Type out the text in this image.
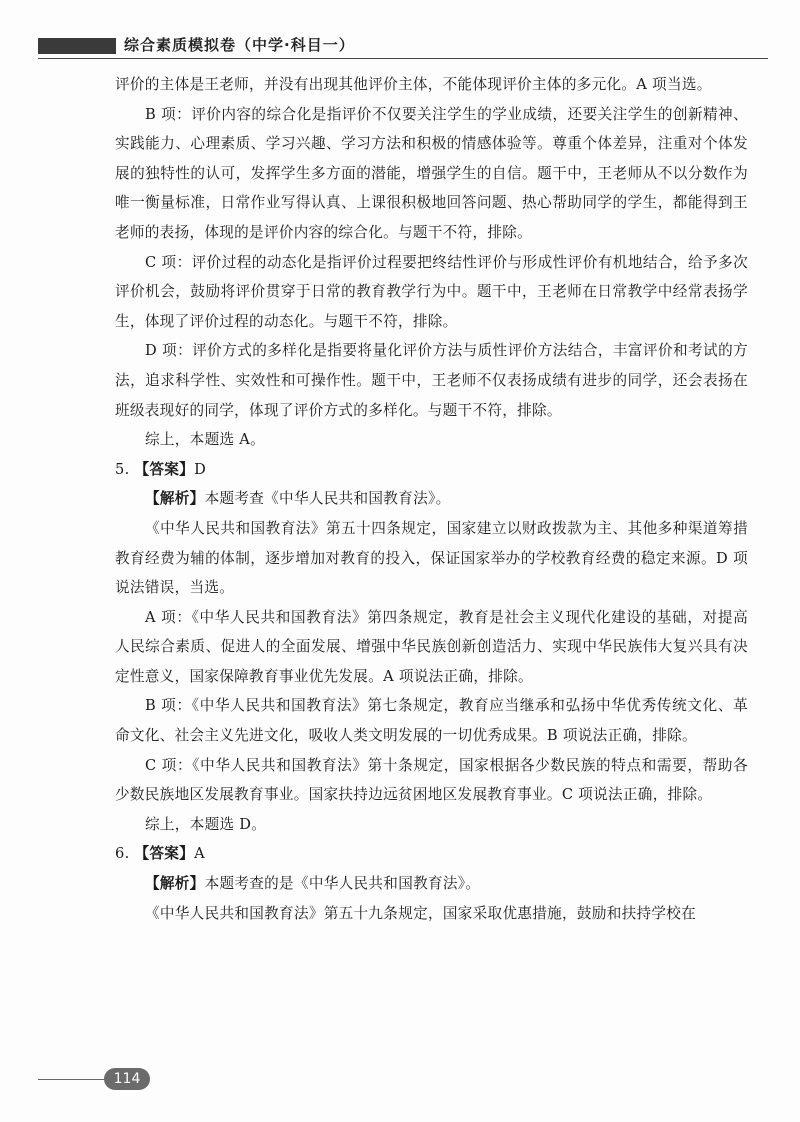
综合素质模拟卷（中学·科目一）

评价的主体是王老师，并没有出现其他评价主体，不能体现评价主体的多元化。A 项当选。

B 项：评价内容的综合化是指评价不仅要关注学生的学业成绩，还要关注学生的创新精神、实践能力、心理素质、学习兴趣、学习方法和积极的情感体验等。尊重个体差异，注重对个体发展的独特性的认可，发挥学生多方面的潜能，增强学生的自信。题干中，王老师从不以分数作为唯一衡量标准，日常作业写得认真、上课很积极地回答问题、热心帮助同学的学生，都能得到王老师的表扬，体现的是评价内容的综合化。与题干不符，排除。

C 项：评价过程的动态化是指评价过程要把终结性评价与形成性评价有机地结合，给予多次评价机会，鼓励将评价贯穿于日常的教育教学行为中。题干中，王老师在日常教学中经常表扬学生，体现了评价过程的动态化。与题干不符，排除。

D 项：评价方式的多样化是指要将量化评价方法与质性评价方法结合，丰富评价和考试的方法，追求科学性、实效性和可操作性。题干中，王老师不仅表扬成绩有进步的同学，还会表扬在班级表现好的同学，体现了评价方式的多样化。与题干不符，排除。

综上，本题选 A。

5. 【答案】D

【解析】本题考查《中华人民共和国教育法》。

《中华人民共和国教育法》第五十四条规定，国家建立以财政拨款为主、其他多种渠道筹措教育经费为辅的体制，逐步增加对教育的投入，保证国家举办的学校教育经费的稳定来源。D 项说法错误，当选。

A 项：《中华人民共和国教育法》第四条规定，教育是社会主义现代化建设的基础，对提高人民综合素质、促进人的全面发展、增强中华民族创新创造活力、实现中华民族伟大复兴具有决定性意义，国家保障教育事业优先发展。A 项说法正确，排除。

B 项：《中华人民共和国教育法》第七条规定，教育应当继承和弘扬中华优秀传统文化、革命文化、社会主义先进文化，吸收人类文明发展的一切优秀成果。B 项说法正确，排除。

C 项：《中华人民共和国教育法》第十条规定，国家根据各少数民族的特点和需要，帮助各少数民族地区发展教育事业。国家扶持边远贫困地区发展教育事业。C 项说法正确，排除。

综上，本题选 D。

6. 【答案】A

【解析】本题考查的是《中华人民共和国教育法》。

《中华人民共和国教育法》第五十九条规定，国家采取优惠措施，鼓励和扶持学校在

114
